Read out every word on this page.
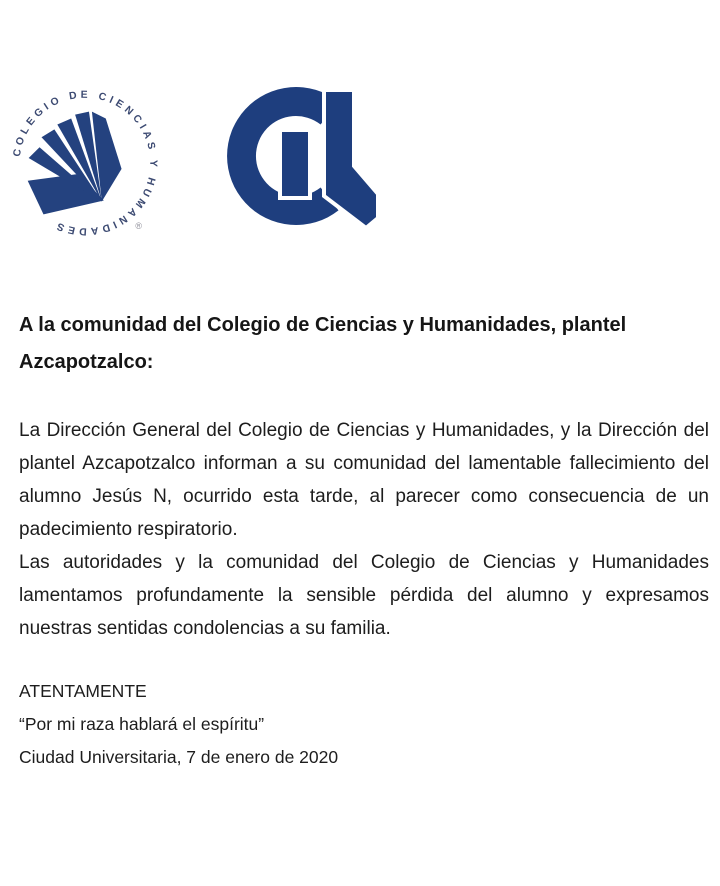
COLEGIO DE CIENCIAS Y HUMANIDADES	®
A la comunidad del Colegio de Ciencias y Humanidades, plantel Azcapotzalco:

La Dirección General del Colegio de Ciencias y Humanidades, y la Dirección del plantel Azcapotzalco informan a su comunidad del lamentable fallecimiento del alumno Jesús N, ocurrido esta tarde, al parecer como consecuencia de un padecimiento respiratorio.

Las autoridades y la comunidad del Colegio de Ciencias y Humanidades lamentamos profundamente la sensible pérdida del alumno y expresamos nuestras sentidas condolencias a su familia.

ATENTAMENTE
“Por mi raza hablará el espíritu”
Ciudad Universitaria, 7 de enero de 2020
